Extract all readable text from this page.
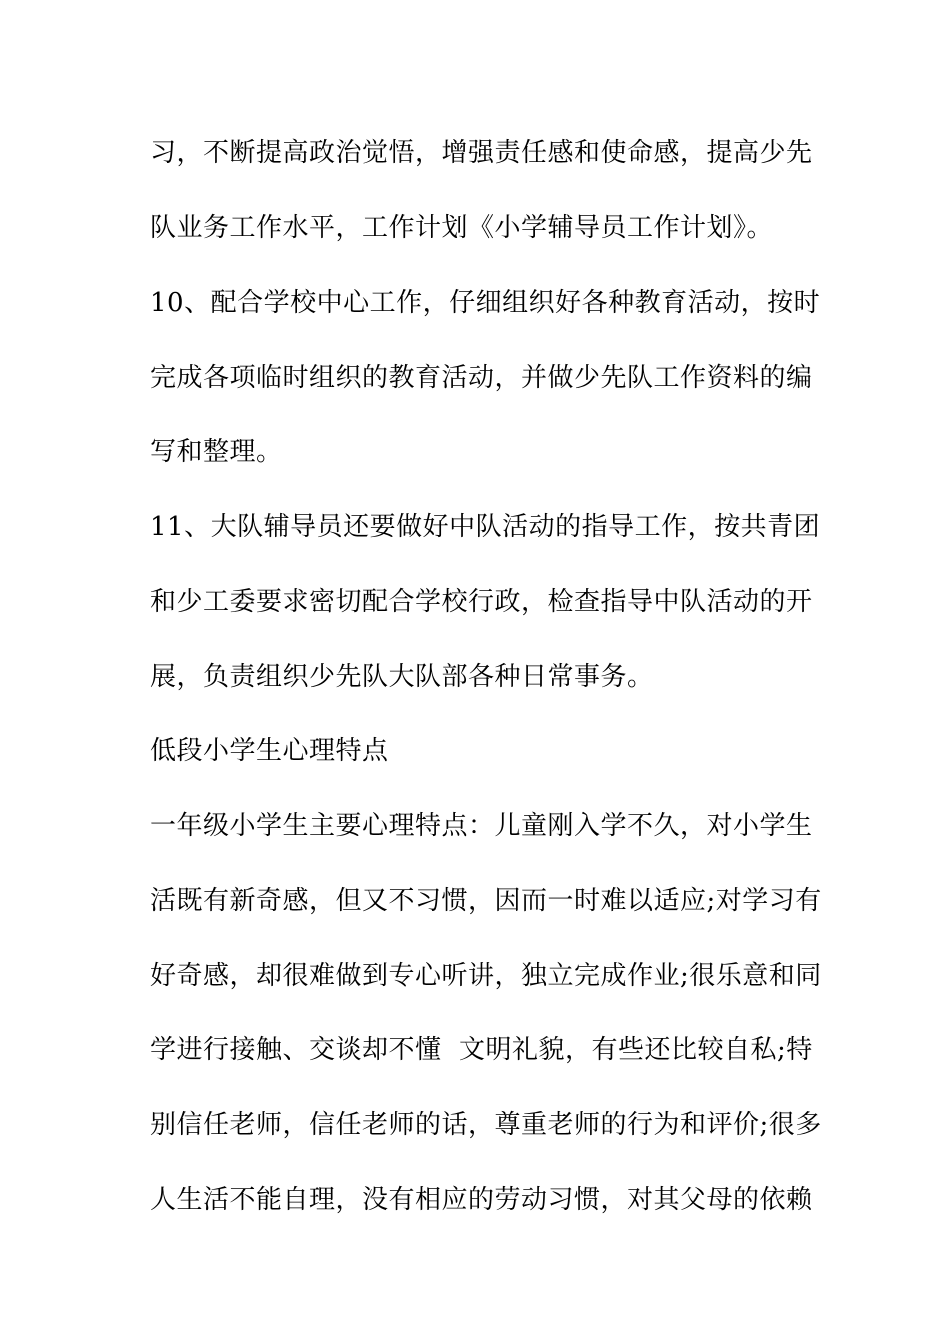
习，不断提高政治觉悟，增强责任感和使命感，提高少先
队业务工作水平，工作计划《小学辅导员工作计划》。
10、配合学校中心工作，仔细组织好各种教育活动，按时
完成各项临时组织的教育活动，并做少先队工作资料的编
写和整理。
11、大队辅导员还要做好中队活动的指导工作，按共青团
和少工委要求密切配合学校行政，检查指导中队活动的开
展，负责组织少先队大队部各种日常事务。
低段小学生心理特点
一年级小学生主要心理特点：儿童刚入学不久，对小学生
活既有新奇感，但又不习惯，因而一时难以适应;对学习有
好奇感，却很难做到专心听讲，独立完成作业;很乐意和同
学进行接触、交谈却不懂  文明礼貌，有些还比较自私;特
别信任老师，信任老师的话，尊重老师的行为和评价;很多
人生活不能自理，没有相应的劳动习惯，对其父母的依赖
